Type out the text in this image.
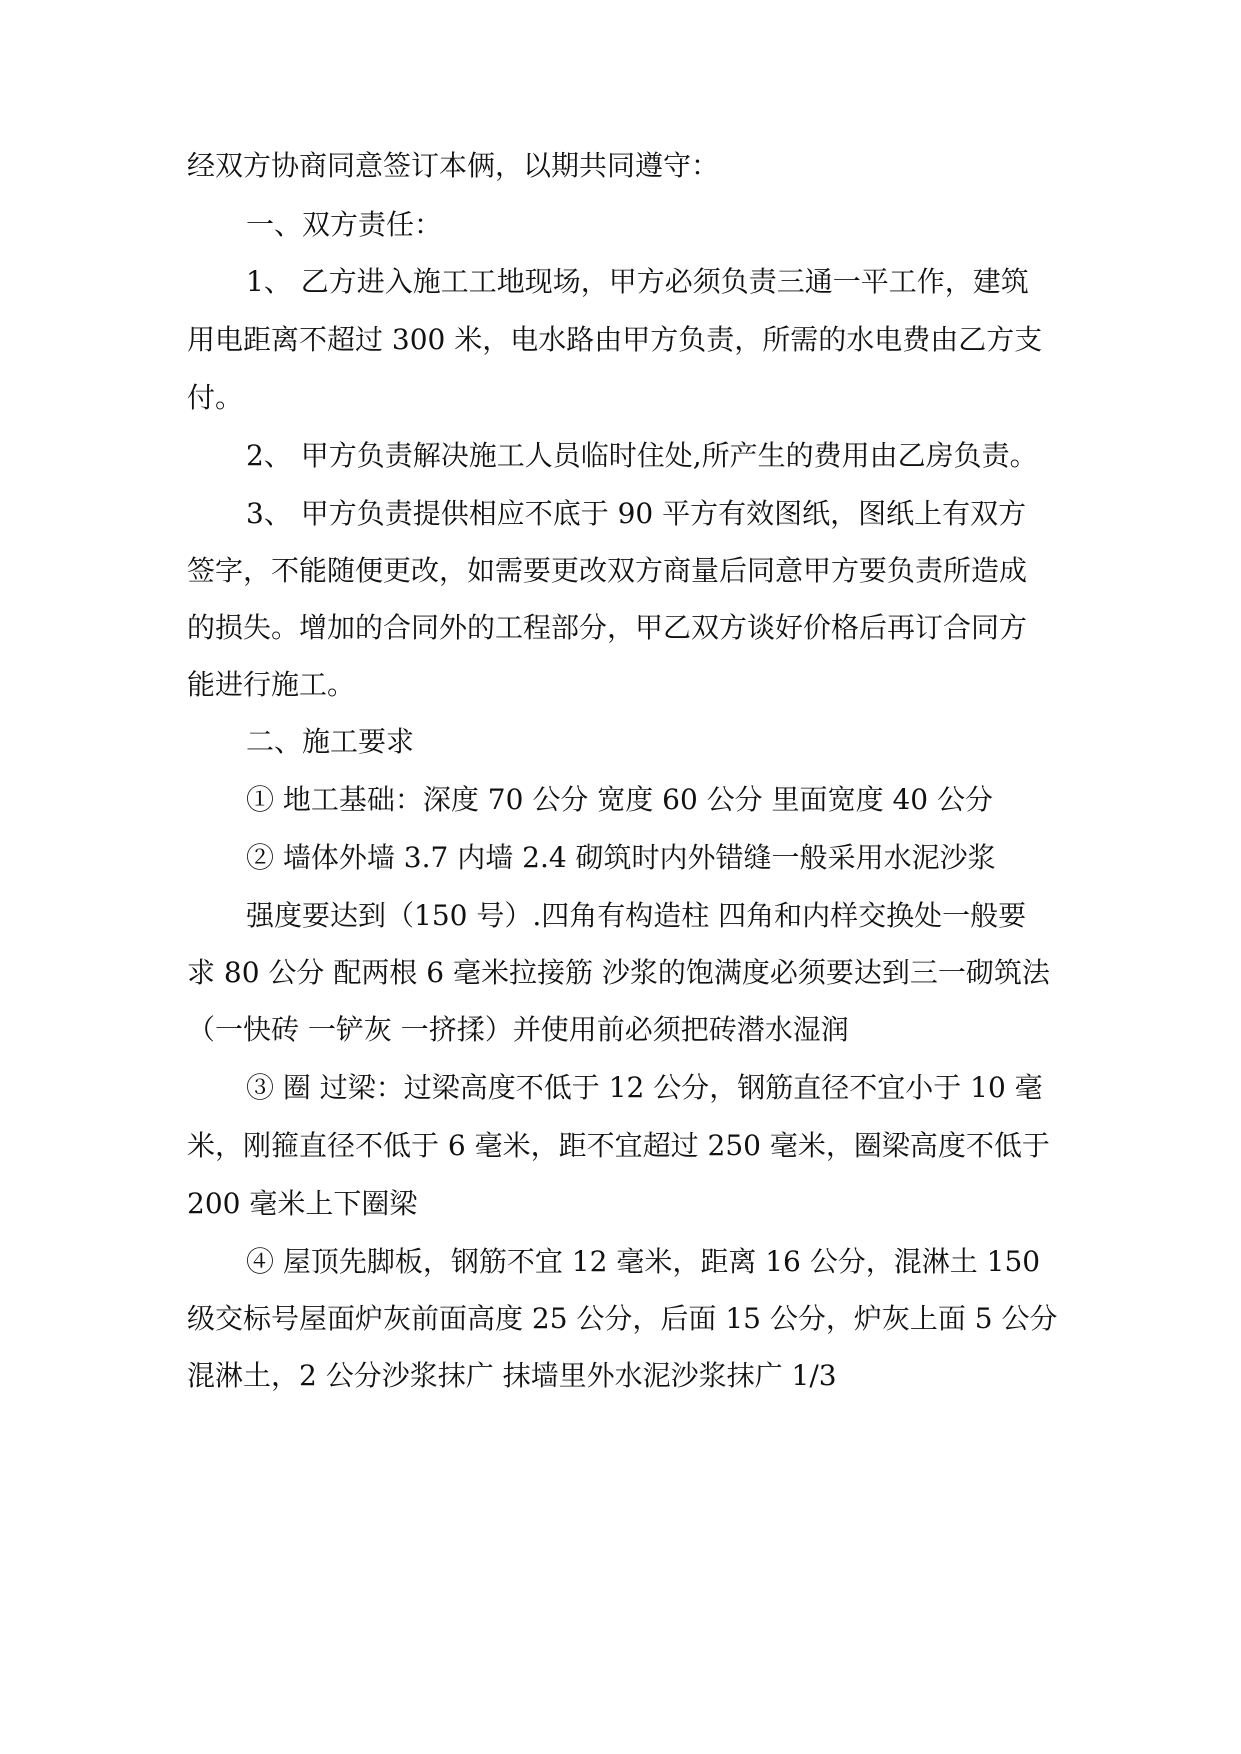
经双方协商同意签订本俩，以期共同遵守：
一、双方责任：
1、 乙方进入施工工地现场，甲方必须负责三通一平工作，建筑
用电距离不超过 300 米，电水路由甲方负责，所需的水电费由乙方支
付。
2、 甲方负责解决施工人员临时住处,所产生的费用由乙房负责。
3、 甲方负责提供相应不底于 90 平方有效图纸，图纸上有双方
签字，不能随便更改，如需要更改双方商量后同意甲方要负责所造成
的损失。增加的合同外的工程部分，甲乙双方谈好价格后再订合同方
能进行施工。
二、施工要求
① 地工基础：深度 70 公分 宽度 60 公分 里面宽度 40 公分
② 墙体外墙 3.7 内墙 2.4 砌筑时内外错缝一般采用水泥沙浆
强度要达到（150 号）.四角有构造柱 四角和内样交换处一般要
求 80 公分 配两根 6 毫米拉接筋 沙浆的饱满度必须要达到三一砌筑法
（一快砖 一铲灰 一挤揉）并使用前必须把砖潜水湿润
③ 圈 过梁：过梁高度不低于 12 公分，钢筋直径不宜小于 10 毫
米，刚箍直径不低于 6 毫米，距不宜超过 250 毫米，圈梁高度不低于
200 毫米上下圈梁
④ 屋顶先脚板，钢筋不宜 12 毫米，距离 16 公分，混淋土 150
级交标号屋面炉灰前面高度 25 公分，后面 15 公分，炉灰上面 5 公分
混淋土，2 公分沙浆抹广 抹墙里外水泥沙浆抹广 1/3
